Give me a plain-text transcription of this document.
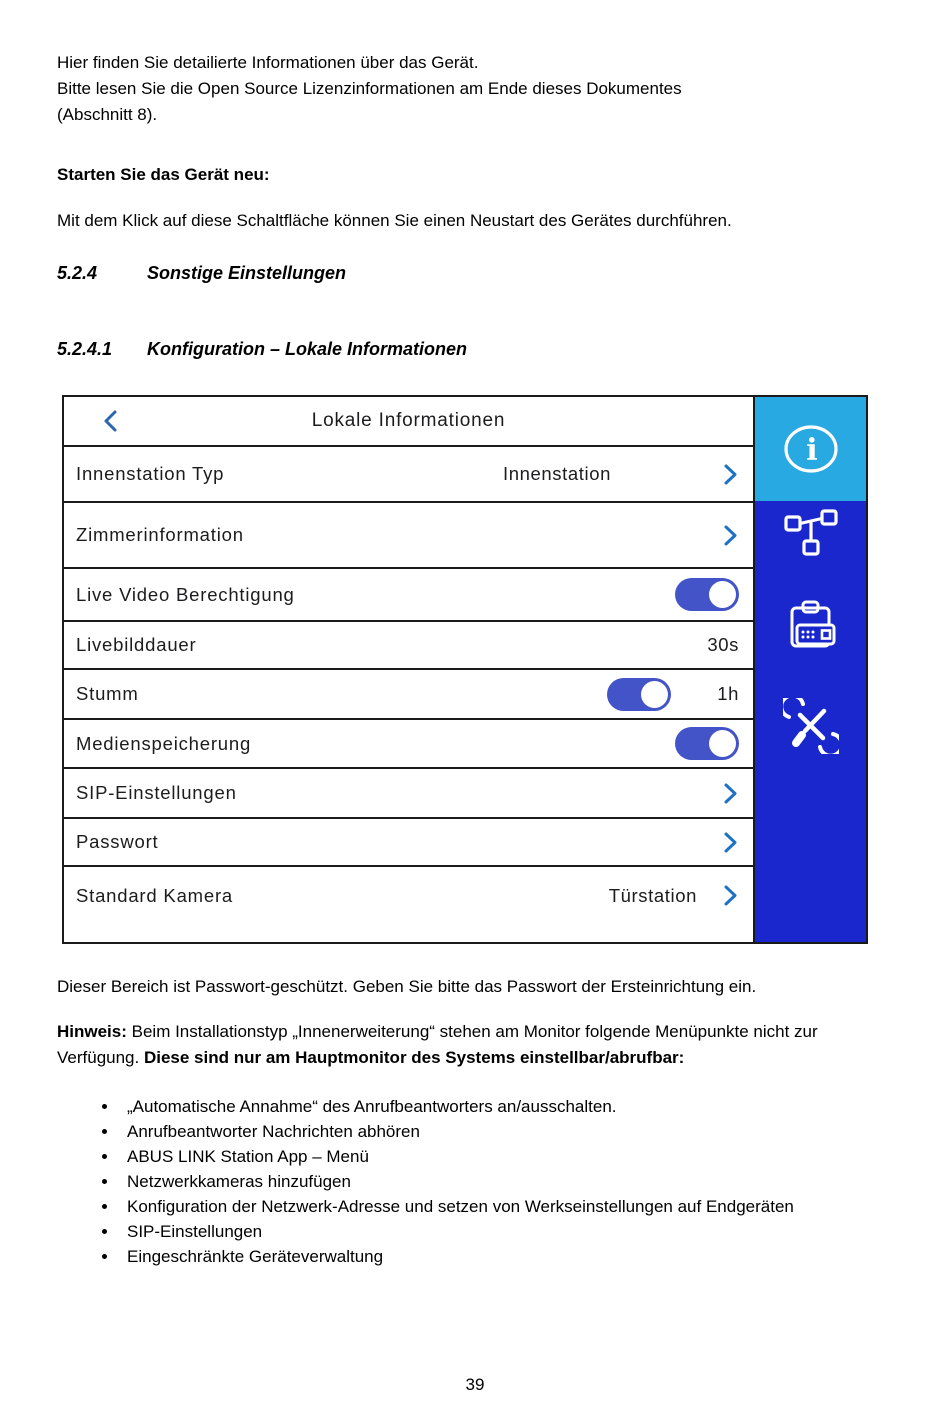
Hier finden Sie detailierte Informationen über das Gerät.
Bitte lesen Sie die Open Source Lizenzinformationen am Ende dieses Dokumentes
(Abschnitt 8).

Starten Sie das Gerät neu:

Mit dem Klick auf diese Schaltfläche können Sie einen Neustart des Gerätes durchführen.

5.2.4	Sonstige Einstellungen
5.2.4.1 Konfiguration – Lokale Informationen
Lokale Informationen
Innenstation Typ	Innenstation
Zimmerinformation
Live Video Berechtigung
Livebilddauer	30s
Stumm	1h
Medienspeicherung
SIP-Einstellungen
Passwort
Standard Kamera	Türstation
i

Dieser Bereich ist Passwort-geschützt. Geben Sie bitte das Passwort der Ersteinrichtung ein.

Hinweis: Beim Installationstyp „Innenerweiterung“ stehen am Monitor folgende Menüpunkte nicht zur Verfügung. Diese sind nur am Hauptmonitor des Systems einstellbar/abrufbar:

• „Automatische Annahme“ des Anrufbeantworters an/ausschalten.
• Anrufbeantworter Nachrichten abhören
• ABUS LINK Station App – Menü
• Netzwerkkameras hinzufügen
• Konfiguration der Netzwerk-Adresse und setzen von Werkseinstellungen auf Endgeräten
• SIP-Einstellungen
• Eingeschränkte Geräteverwaltung
39
